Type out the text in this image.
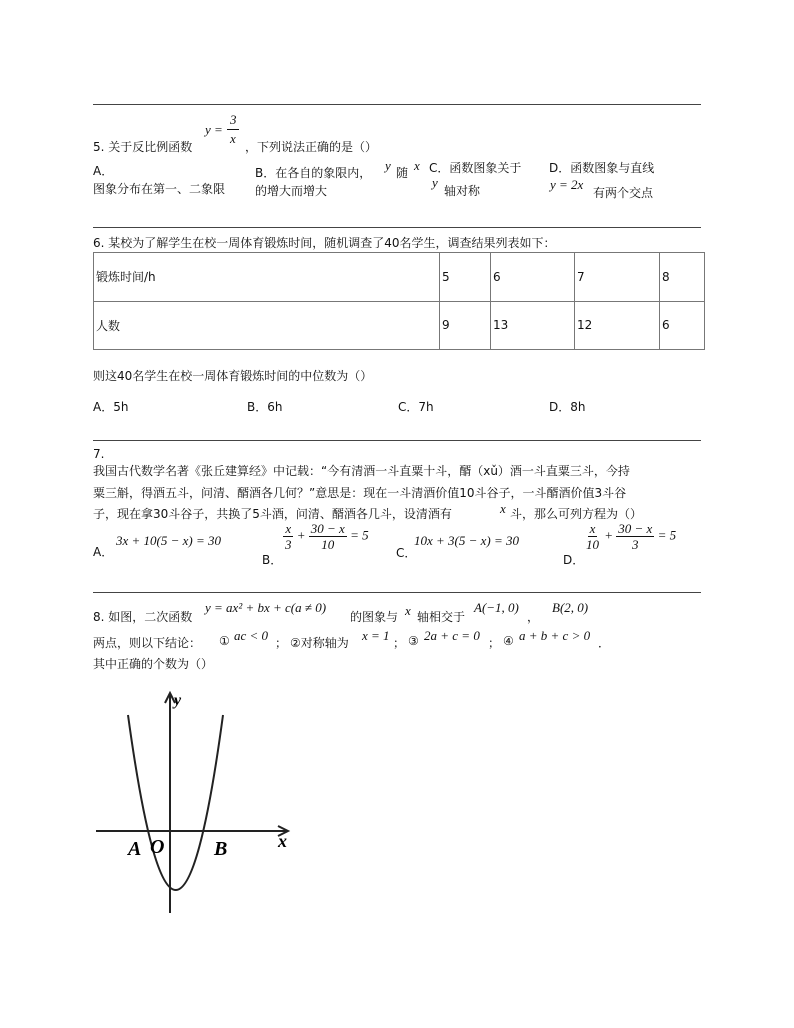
5. 关于反比例函数
y =
3
x
，下列说法正确的是（）
A．
图象分布在第一、二象限
B．在各自的象限内， y 随 x
的增大而增大
C．函数图象关于
y
轴对称
D．函数图象与直线
y = 2x
有两个交点
6. 某校为了解学生在校一周体育锻炼时间，随机调查了40名学生，调查结果列表如下：
锻炼时间/h	5	6	7	8
人数	9	13	12	6
则这40名学生在校一周体育锻炼时间的中位数为（）
A．5h	B．6h	C．7h	D．8h
7.
我国古代数学名著《张丘建算经》中记载：“今有清酒一斗直粟十斗，醑（xǔ）酒一斗直粟三斗，今持
粟三斛，得酒五斗，问清、醑酒各几何？”意思是：现在一斗清酒价值10斗谷子，一斗醑酒价值3斗谷
子，现在拿30斗谷子，共换了5斗酒，问清、醑酒各几斗，设清酒有	x 斗，那么可列方程为（）
A．
3x + 10(5 − x) = 30
B．
$\frac{x}{3} + \frac{30 - x}{10} = 5$
C．
10x + 3(5 − x) = 30
D．
$\frac{x}{10} + \frac{30 - x}{3} = 5$
8. 如图，二次函数
y = ax² + bx + c(a ≠ 0)
的图象与 x 轴相交于
A(−1, 0)
，
B(2, 0)
两点，则以下结论： ① ac < 0 ； ②对称轴为 x = 1 ； ③ 2a + c = 0 ； ④ a + b + c > 0 ．
其中正确的个数为（）
y
x
A O B
